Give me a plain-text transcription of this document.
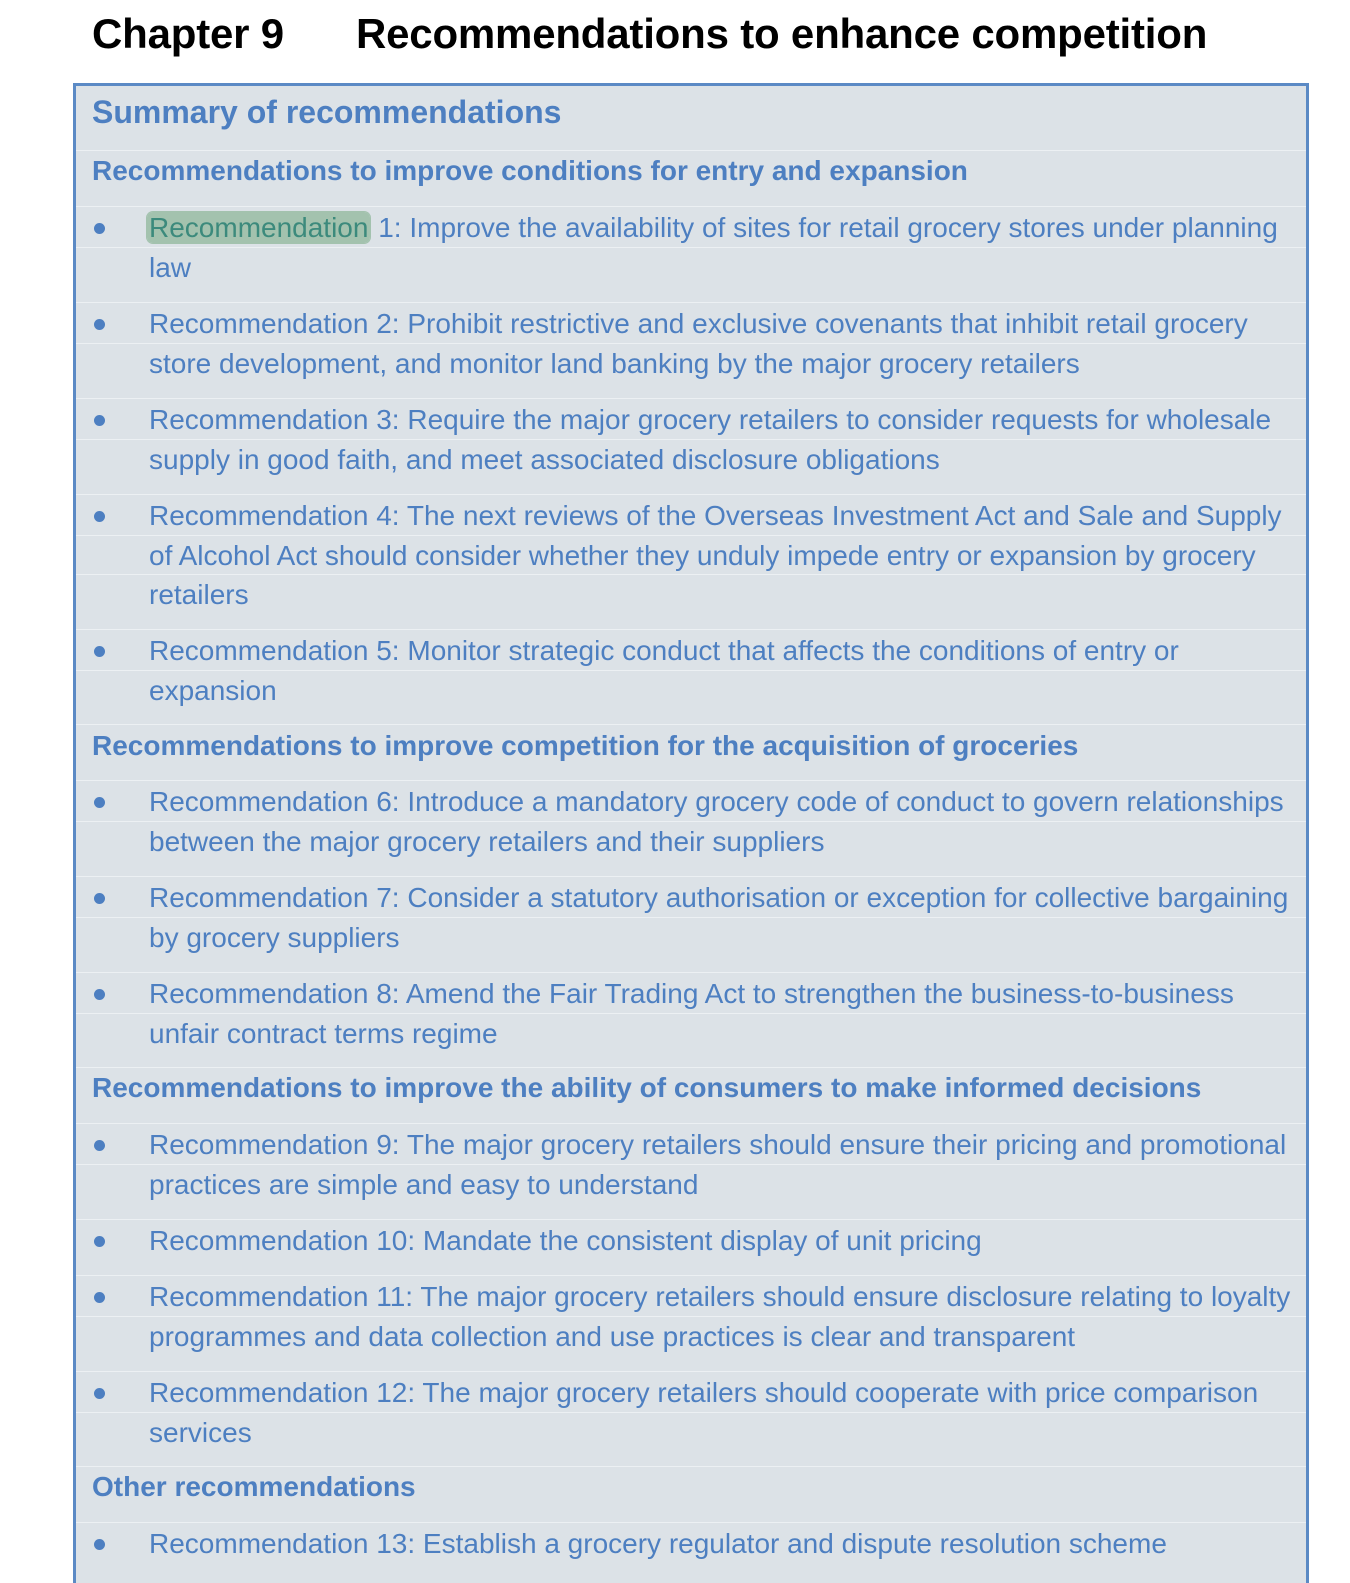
Chapter 9 Recommendations to enhance competition
Summary of recommendations
Recommendations to improve conditions for entry and expansion

Recommendation 1: Improve the availability of sites for retail grocery stores under planning law

Recommendation 2: Prohibit restrictive and exclusive covenants that inhibit retail grocery store development, and monitor land banking by the major grocery retailers

Recommendation 3: Require the major grocery retailers to consider requests for wholesale supply in good faith, and meet associated disclosure obligations

Recommendation 4: The next reviews of the Overseas Investment Act and Sale and Supply of Alcohol Act should consider whether they unduly impede entry or expansion by grocery retailers

Recommendation 5: Monitor strategic conduct that affects the conditions of entry or expansion

Recommendations to improve competition for the acquisition of groceries

Recommendation 6: Introduce a mandatory grocery code of conduct to govern relationships between the major grocery retailers and their suppliers

Recommendation 7: Consider a statutory authorisation or exception for collective bargaining by grocery suppliers

Recommendation 8: Amend the Fair Trading Act to strengthen the business-to-business unfair contract terms regime

Recommendations to improve the ability of consumers to make informed decisions

Recommendation 9: The major grocery retailers should ensure their pricing and promotional practices are simple and easy to understand

Recommendation 10: Mandate the consistent display of unit pricing

Recommendation 11: The major grocery retailers should ensure disclosure relating to loyalty programmes and data collection and use practices is clear and transparent

Recommendation 12: The major grocery retailers should cooperate with price comparison services

Other recommendations

Recommendation 13: Establish a grocery regulator and dispute resolution scheme
